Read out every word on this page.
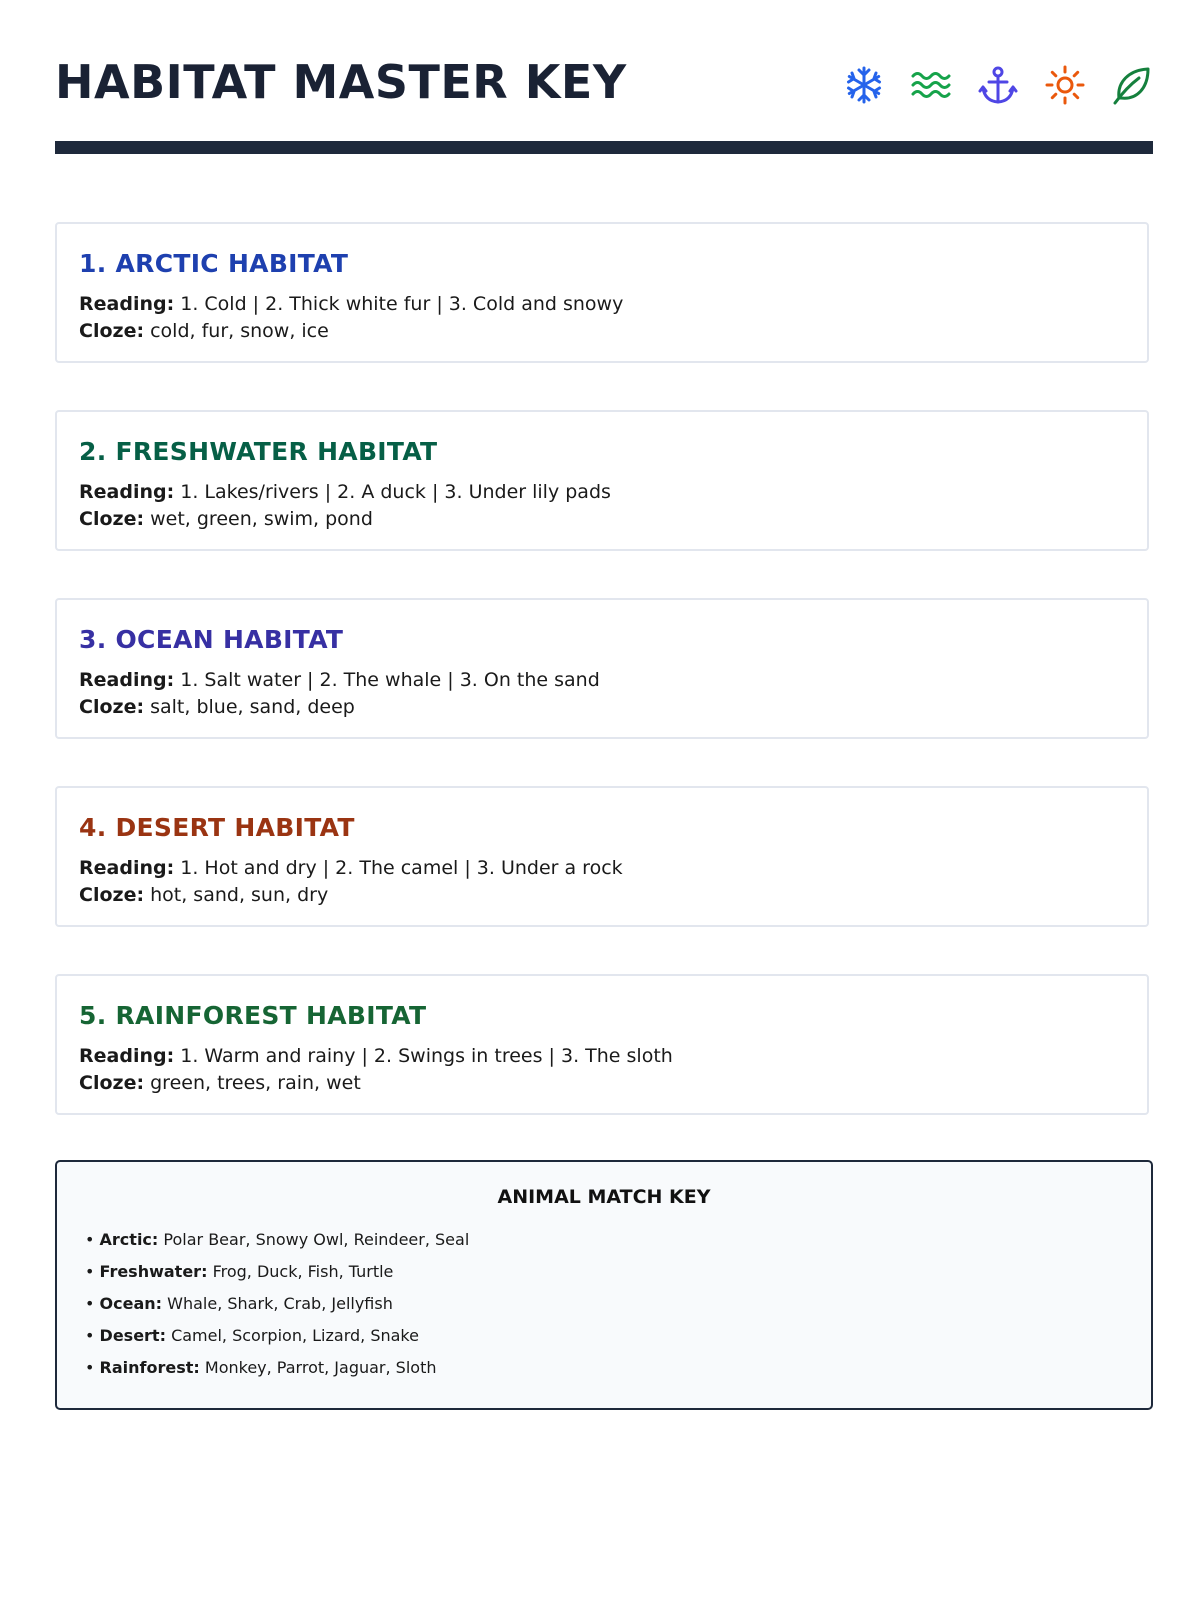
HABITAT MASTER KEY
1. ARCTIC HABITAT
Reading: 1. Cold | 2. Thick white fur | 3. Cold and snowy
Cloze: cold, fur, snow, ice
2. FRESHWATER HABITAT
Reading: 1. Lakes/rivers | 2. A duck | 3. Under lily pads
Cloze: wet, green, swim, pond
3. OCEAN HABITAT
Reading: 1. Salt water | 2. The whale | 3. On the sand
Cloze: salt, blue, sand, deep
4. DESERT HABITAT
Reading: 1. Hot and dry | 2. The camel | 3. Under a rock
Cloze: hot, sand, sun, dry
5. RAINFOREST HABITAT
Reading: 1. Warm and rainy | 2. Swings in trees | 3. The sloth
Cloze: green, trees, rain, wet
ANIMAL MATCH KEY
• Arctic: Polar Bear, Snowy Owl, Reindeer, Seal
• Freshwater: Frog, Duck, Fish, Turtle
• Ocean: Whale, Shark, Crab, Jellyfish
• Desert: Camel, Scorpion, Lizard, Snake
• Rainforest: Monkey, Parrot, Jaguar, Sloth
